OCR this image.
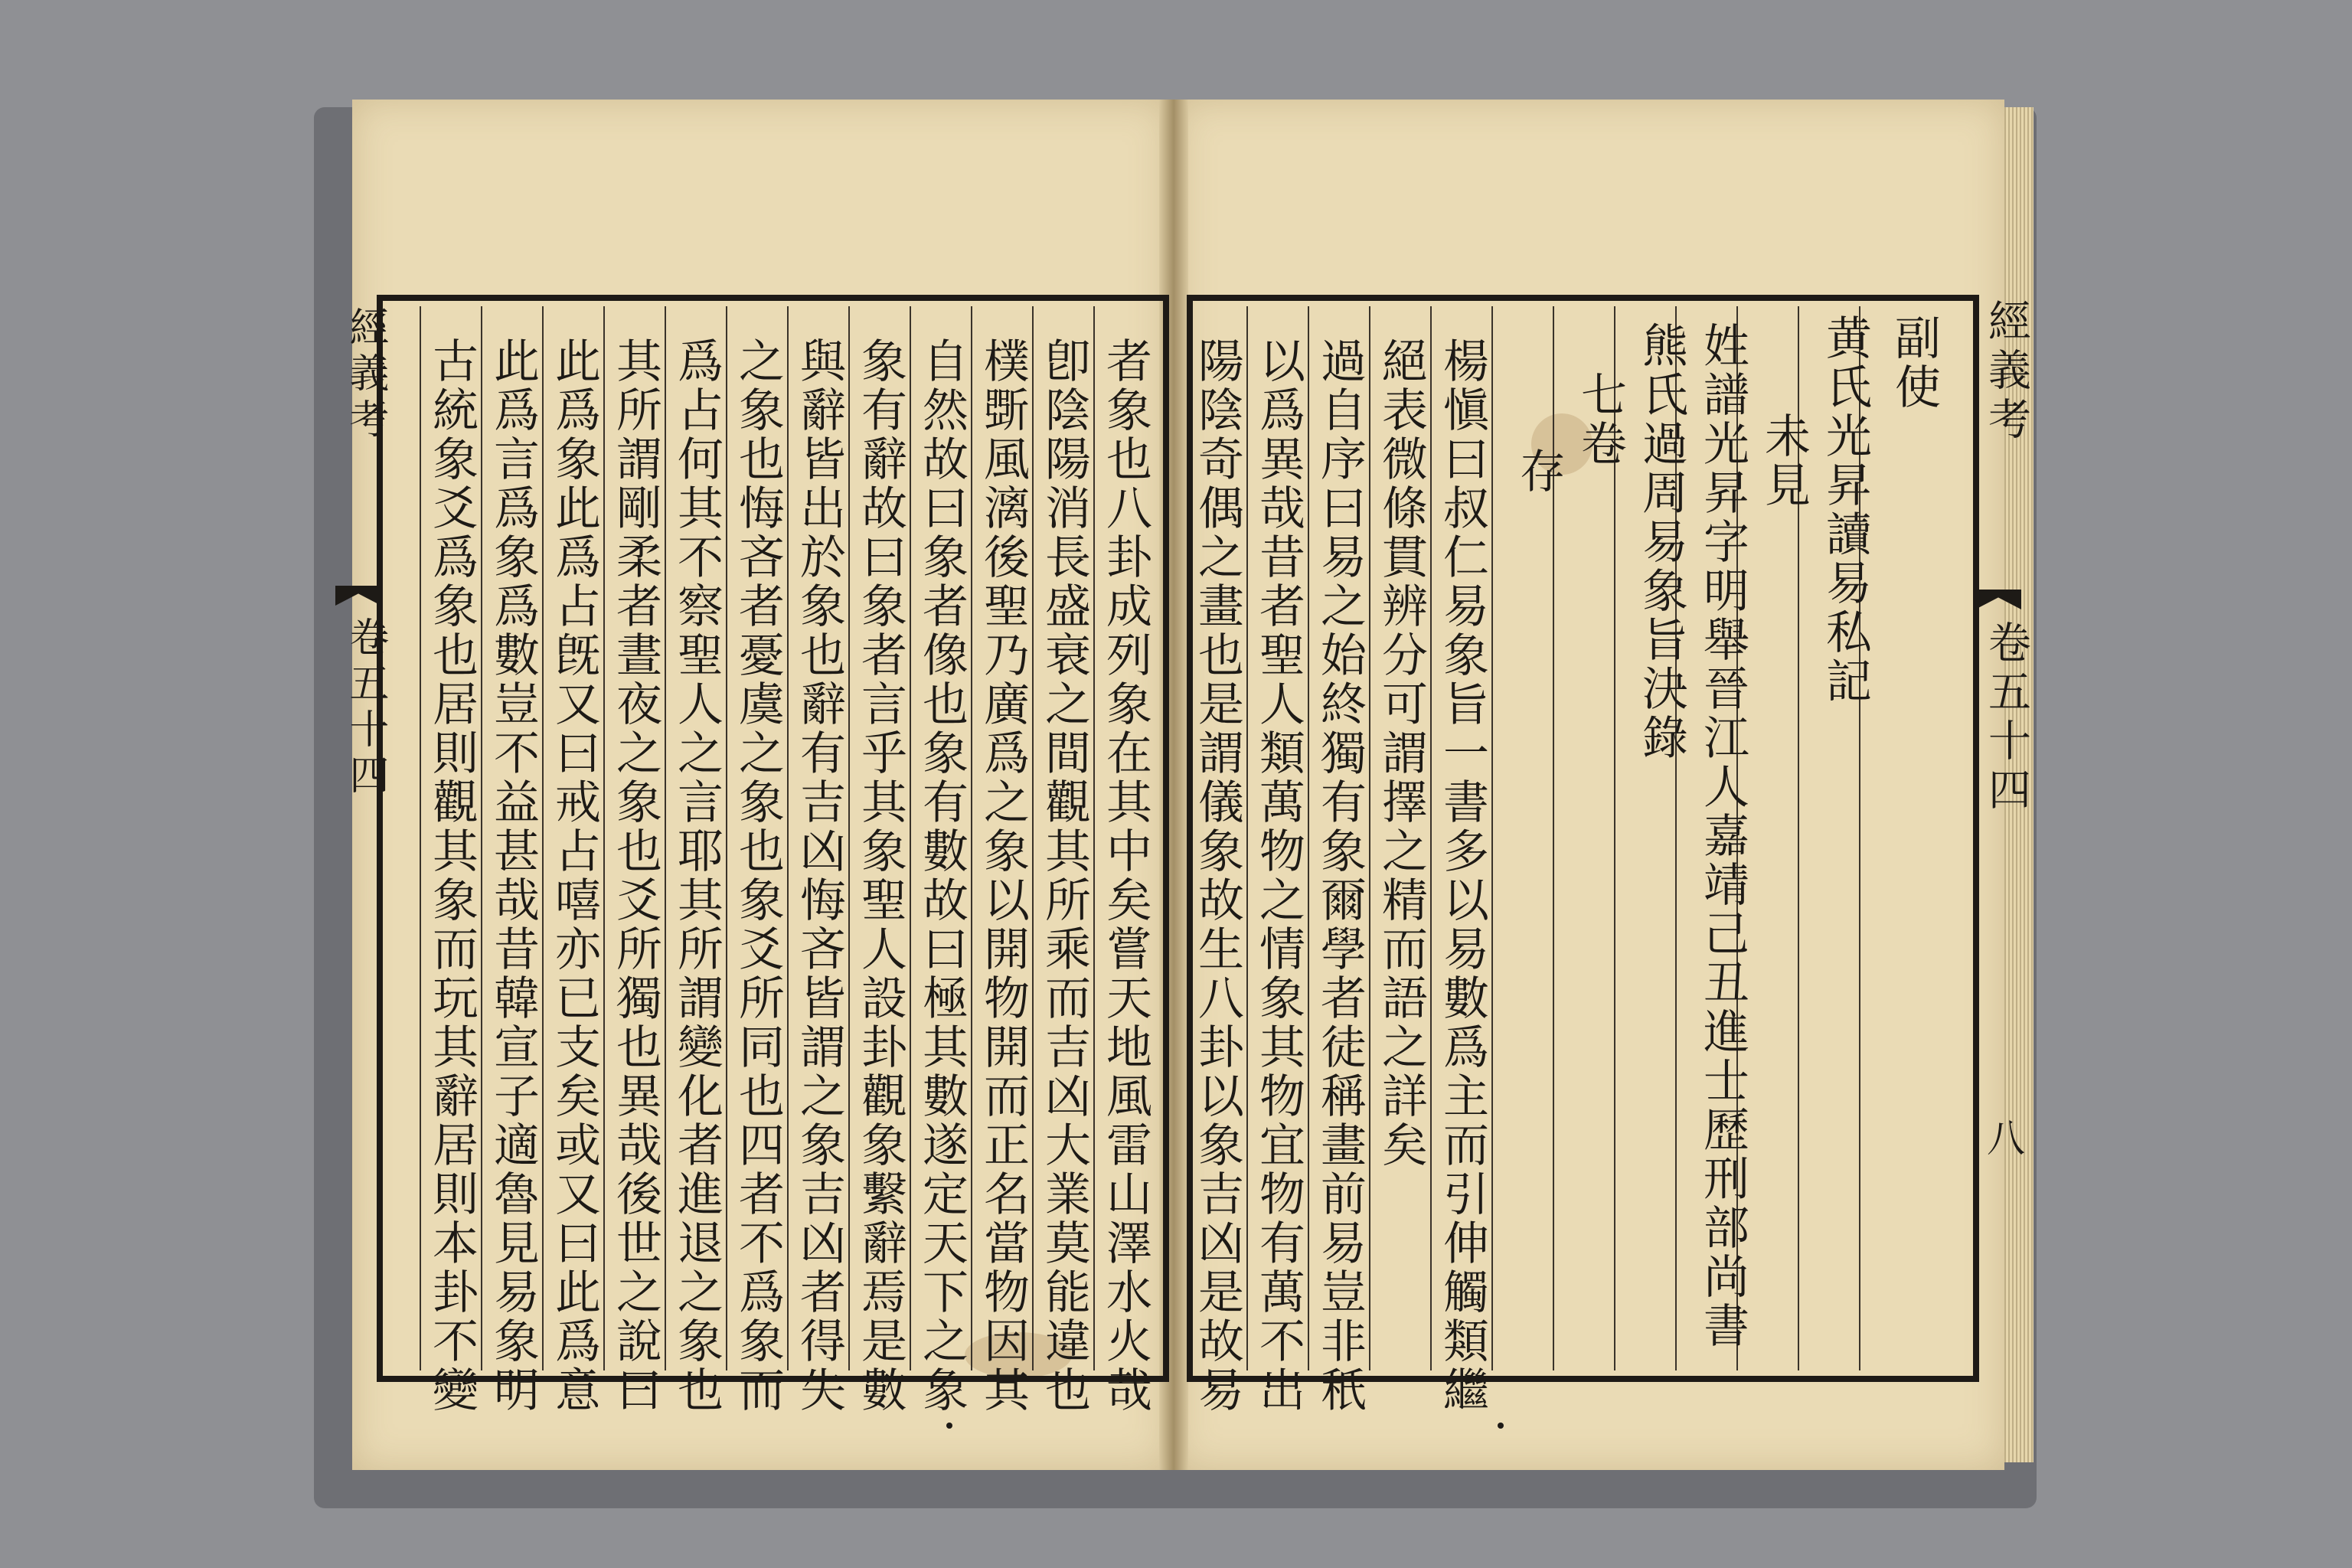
經義考
卷五十四
經義考
卷五十四
八
副使
黄氏光昇讀易私記
　　未見
姓譜光昇字明舉晉江人嘉靖己丑進士歷刑部尚書
熊氏過周易象旨決錄
　七卷
　存
楊愼曰叔仁易象旨一書多以易數爲主而引伸觸類繼
絕表微條貫辨分可謂擇之精而語之詳矣
過自序曰易之始終獨有象爾學者徒稱畫前易豈非秖
以爲異哉昔者聖人類萬物之情象其物宜物有萬不出
陽陰奇偶之畫也是謂儀象故生八卦以象吉凶是故易
者象也八卦成列象在其中矣嘗天地風雷山澤水火哉
卽陰陽消長盛衰之間觀其所乘而吉凶大業莫能違也
樸斲風漓後聖乃廣爲之象以開物開而正名當物因其
自然故曰象者像也象有數故曰極其數遂定天下之象
象有辭故曰象者言乎其象聖人設卦觀象繫辭焉是數
與辭皆出於象也辭有吉凶悔吝皆謂之象吉凶者得失
之象也悔吝者憂虞之象也象爻所同也四者不爲象而
爲占何其不察聖人之言耶其所謂變化者進退之象也
其所謂剛柔者晝夜之象也爻所獨也異哉後世之說曰
此爲象此爲占旣又曰戒占嘻亦已支矣或又曰此爲意
此爲言爲象爲數豈不益甚哉昔韓宣子適魯見易象明
古統象爻爲象也居則觀其象而玩其辭居則本卦不變
